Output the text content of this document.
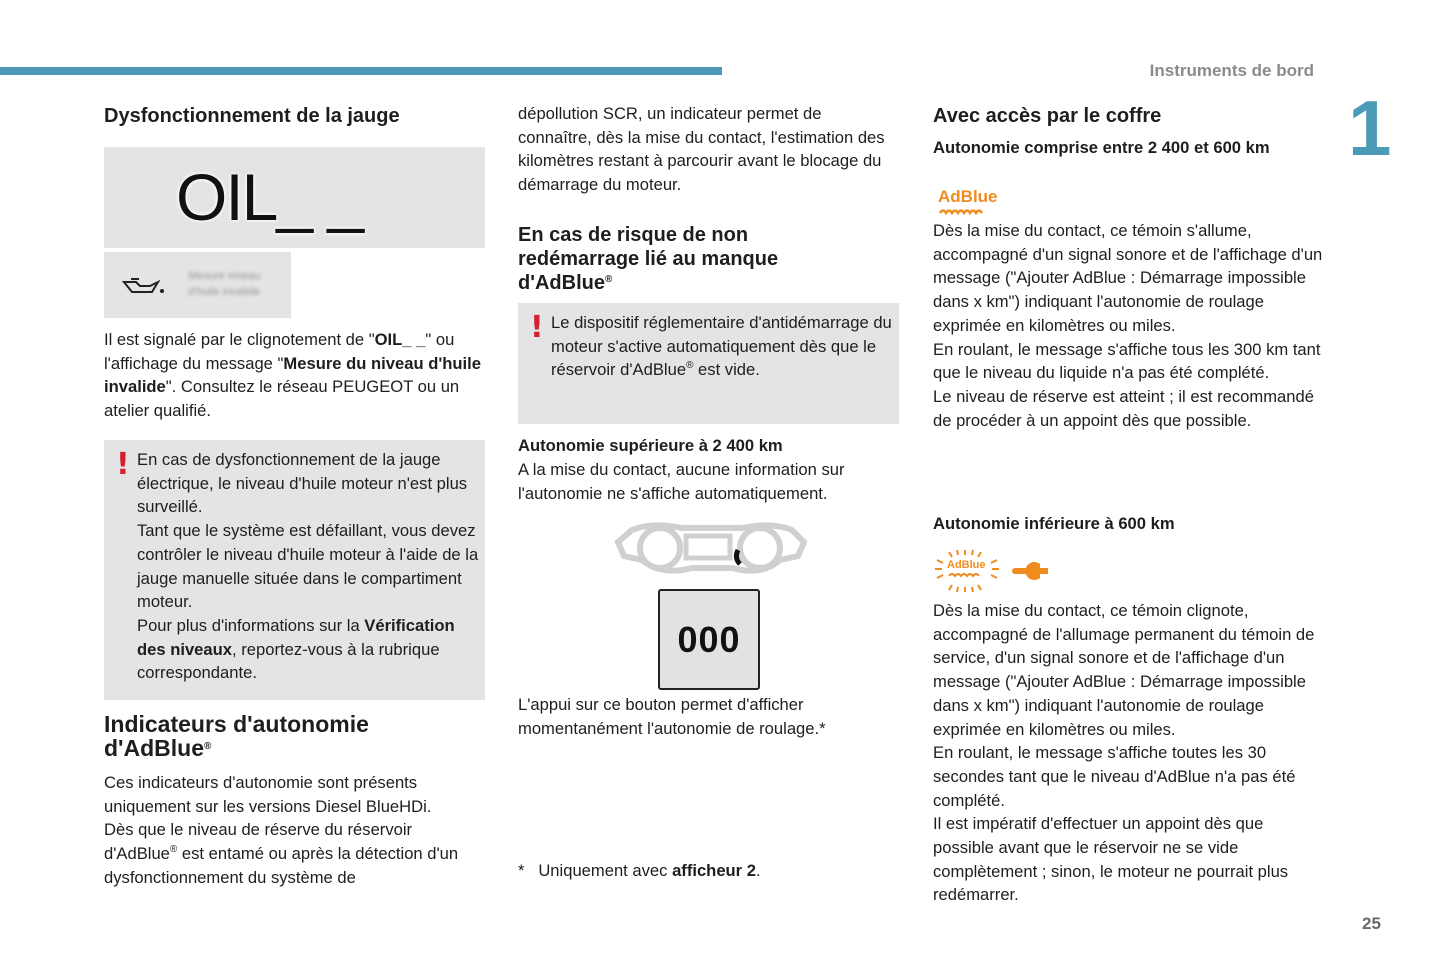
Instruments de bord
1
25
Dysfonctionnement de la jauge
OIL_ _
Mesure niveau d'huile invalide

Il est signalé par le clignotement de "OIL_ _" ou l'affichage du message "Mesure du niveau d'huile invalide". Consultez le réseau PEUGEOT ou un atelier qualifié.

! En cas de dysfonctionnement de la jauge électrique, le niveau d'huile moteur n'est plus surveillé.

Tant que le système est défaillant, vous devez contrôler le niveau d'huile moteur à l'aide de la jauge manuelle située dans le compartiment moteur.

Pour plus d'informations sur la Vérification des niveaux, reportez-vous à la rubrique correspondante.

Indicateurs d'autonomie d'AdBlue®

Ces indicateurs d'autonomie sont présents uniquement sur les versions Diesel BlueHDi.

Dès que le niveau de réserve du réservoir d'AdBlue® est entamé ou après la détection d'un dysfonctionnement du système de

dépollution SCR, un indicateur permet de connaître, dès la mise du contact, l'estimation des kilomètres restant à parcourir avant le blocage du démarrage du moteur.

En cas de risque de non redémarrage lié au manque d'AdBlue®
! Le dispositif réglementaire d'antidémarrage du moteur s'active automatiquement dès que le réservoir d'AdBlue® est vide.

Autonomie supérieure à 2 400 km

A la mise du contact, aucune information sur l'autonomie ne s'affiche automatiquement.

000

L'appui sur ce bouton permet d'afficher momentanément l'autonomie de roulage.*

* Uniquement avec afficheur 2.

Avec accès par le coffre
Autonomie comprise entre 2 400 et 600 km
AdBlue

Dès la mise du contact, ce témoin s'allume, accompagné d'un signal sonore et de l'affichage d'un message ("Ajouter AdBlue : Démarrage impossible dans x km") indiquant l'autonomie de roulage exprimée en kilomètres ou miles.

En roulant, le message s'affiche tous les 300 km tant que le niveau du liquide n'a pas été complété.

Le niveau de réserve est atteint ; il est recommandé de procéder à un appoint dès que possible.

Autonomie inférieure à 600 km
AdBlue

Dès la mise du contact, ce témoin clignote, accompagné de l'allumage permanent du témoin de service, d'un signal sonore et de l'affichage d'un message ("Ajouter AdBlue : Démarrage impossible dans x km") indiquant l'autonomie de roulage exprimée en kilomètres ou miles.

En roulant, le message s'affiche toutes les 30 secondes tant que le niveau d'AdBlue n'a pas été complété.

Il est impératif d'effectuer un appoint dès que possible avant que le réservoir ne se vide complètement ; sinon, le moteur ne pourrait plus redémarrer.
